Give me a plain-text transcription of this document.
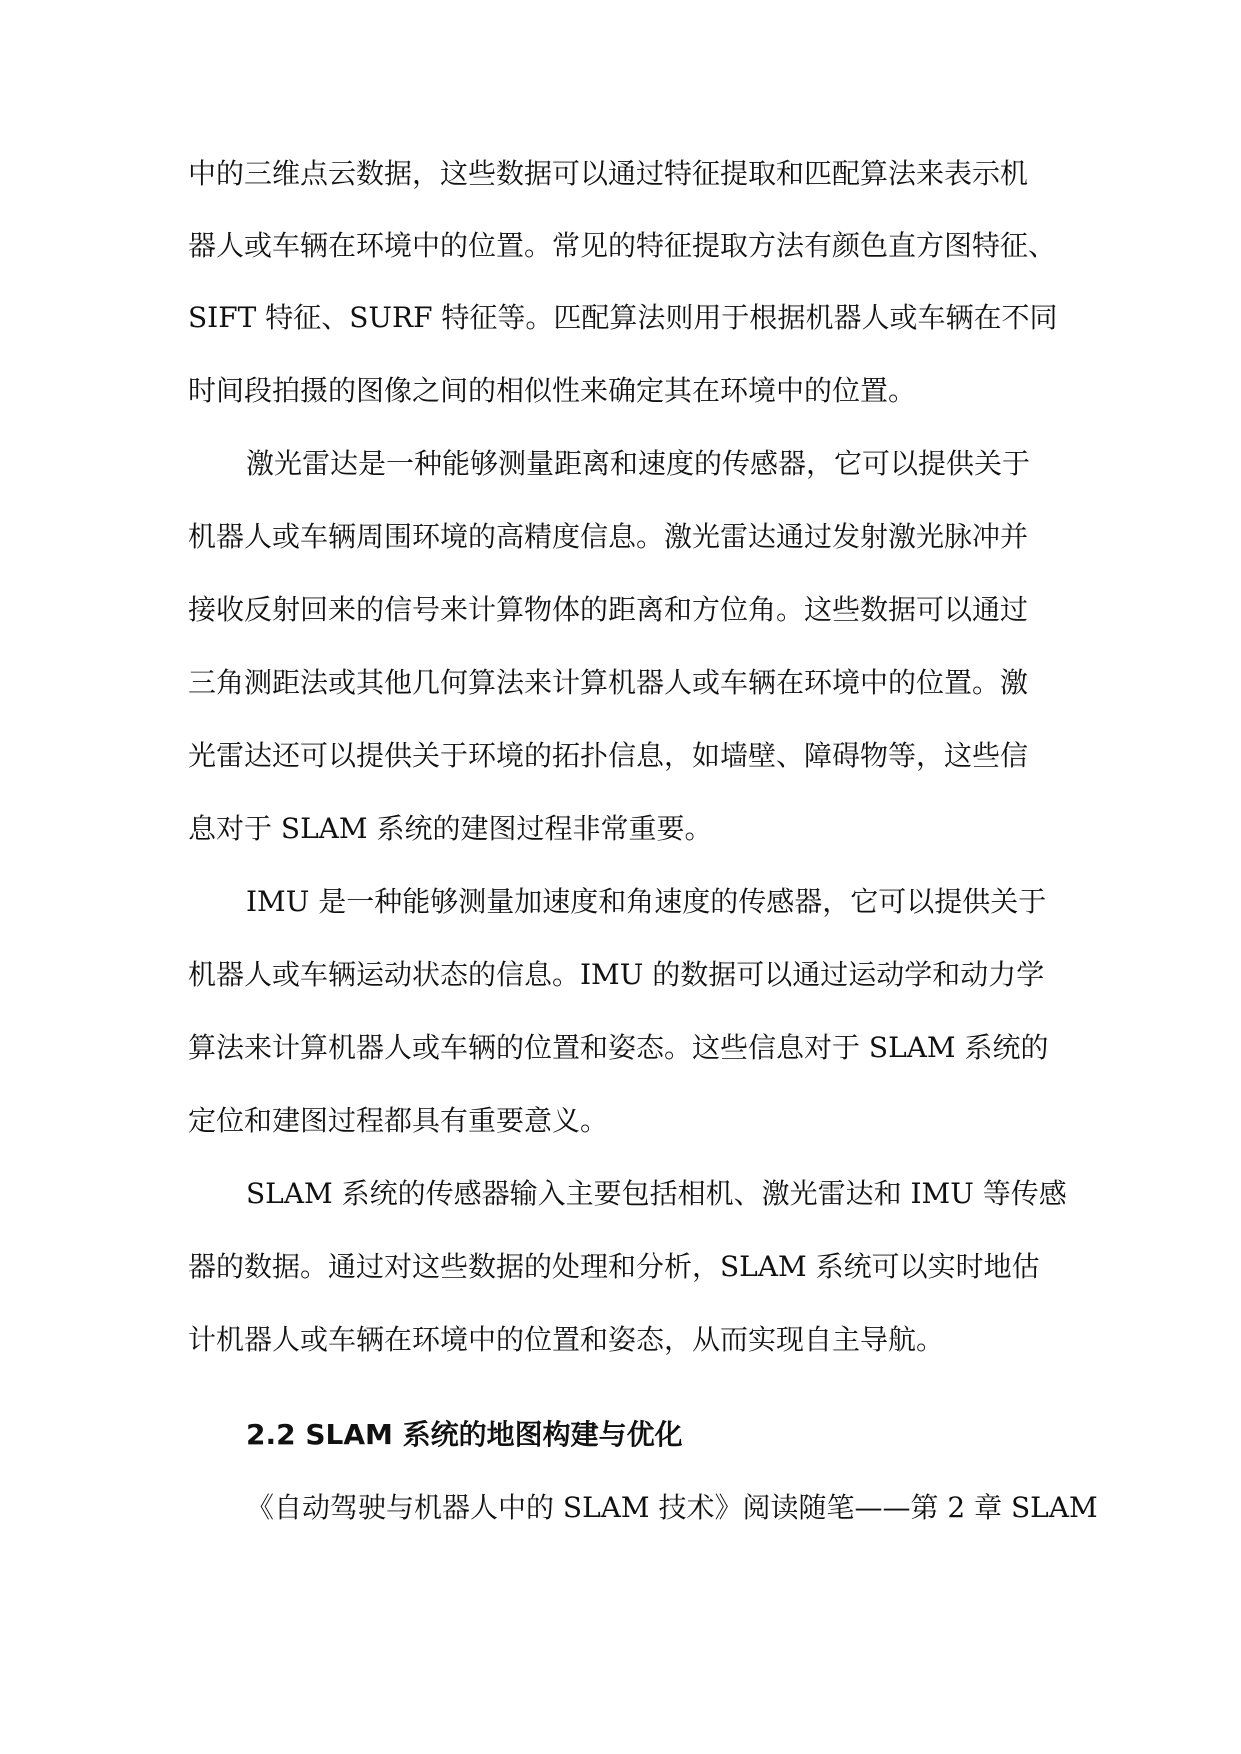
中的三维点云数据，这些数据可以通过特征提取和匹配算法来表示机
器人或车辆在环境中的位置。常见的特征提取方法有颜色直方图特征、
SIFT 特征、SURF 特征等。匹配算法则用于根据机器人或车辆在不同
时间段拍摄的图像之间的相似性来确定其在环境中的位置。
激光雷达是一种能够测量距离和速度的传感器，它可以提供关于
机器人或车辆周围环境的高精度信息。激光雷达通过发射激光脉冲并
接收反射回来的信号来计算物体的距离和方位角。这些数据可以通过
三角测距法或其他几何算法来计算机器人或车辆在环境中的位置。激
光雷达还可以提供关于环境的拓扑信息，如墙壁、障碍物等，这些信
息对于 SLAM 系统的建图过程非常重要。
IMU 是一种能够测量加速度和角速度的传感器，它可以提供关于
机器人或车辆运动状态的信息。IMU 的数据可以通过运动学和动力学
算法来计算机器人或车辆的位置和姿态。这些信息对于 SLAM 系统的
定位和建图过程都具有重要意义。
SLAM 系统的传感器输入主要包括相机、激光雷达和 IMU 等传感
器的数据。通过对这些数据的处理和分析，SLAM 系统可以实时地估
计机器人或车辆在环境中的位置和姿态，从而实现自主导航。
2.2 SLAM 系统的地图构建与优化
《自动驾驶与机器人中的 SLAM 技术》阅读随笔——第 2 章 SLAM
